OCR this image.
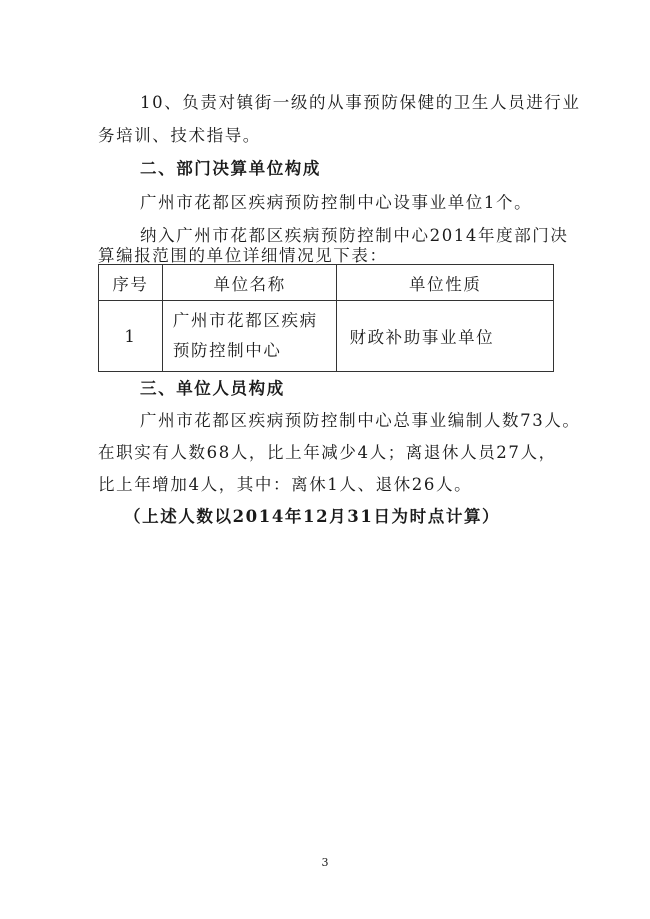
10、负责对镇街一级的从事预防保健的卫生人员进行业
务培训、技术指导。
二、部门决算单位构成
广州市花都区疾病预防控制中心设事业单位1个。
纳入广州市花都区疾病预防控制中心2014年度部门决
算编报范围的单位详细情况见下表：
序号	单位名称	单位性质
1	广州市花都区疾病预防控制中心	财政补助事业单位
三、单位人员构成
广州市花都区疾病预防控制中心总事业编制人数73人。
在职实有人数68人，比上年减少4人；离退休人员27人，
比上年增加4人，其中：离休1人、退休26人。
（上述人数以2014年12月31日为时点计算）
3
